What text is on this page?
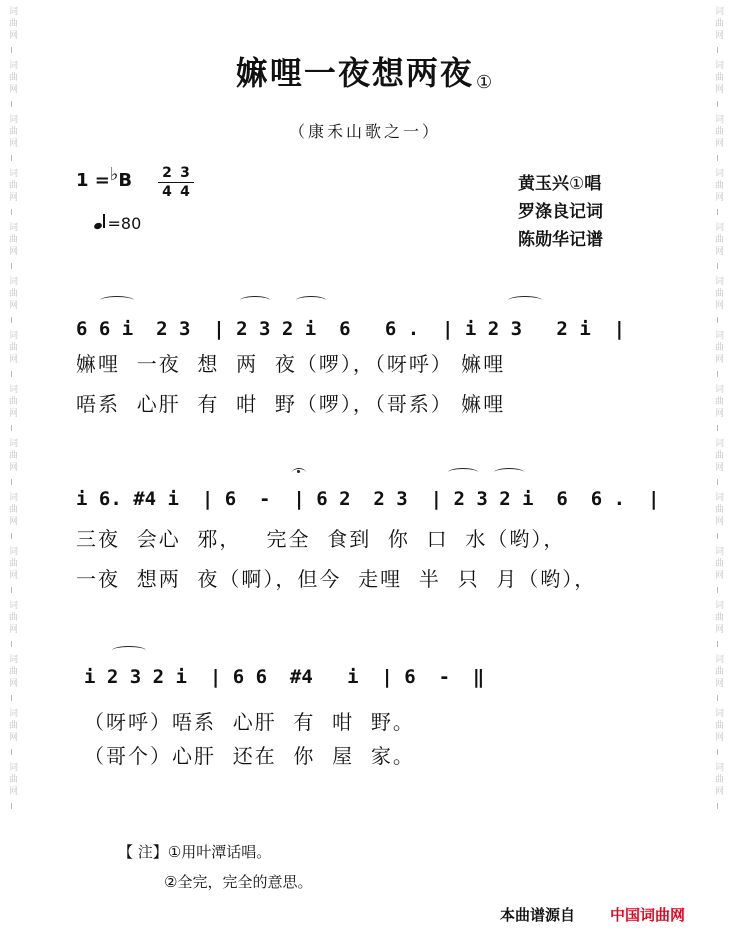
词曲网
词曲网
词曲网
词曲网
词曲网
词曲网
词曲网
词曲网
词曲网
词曲网
词曲网
词曲网
词曲网
词曲网
词曲网
词曲网
词曲网
词曲网
词曲网
词曲网
词曲网
词曲网
词曲网
词曲网
词曲网
词曲网
词曲网
词曲网
词曲网
词曲网
嫲哩一夜想两夜 ①
（康禾山歌之一）
1 =♭B 2
4
3
4
=80
黄玉兴①唱
罗涤良记词
陈勋华记谱
6 6 i  2 3  | 2 3 2 i  6   6 .  | i 2 3   2 i  |
嫲哩  一夜  想  两  夜（啰），（呀呼） 嫲哩
唔系  心肝  有  咁  野（啰），（哥系） 嫲哩
i 6. #4 i  | 6  -  | 6 2  2 3  | 2 3 2 i  6  6 .  |
三夜  会心  邪，   完全  食到  你  口  水（哟），
一夜  想两  夜（啊），但今  走哩  半  只  月（哟），
i 2 3 2 i  | 6 6  #4   i  | 6  -  ‖
（呀呼）唔系  心肝  有  咁  野。
（哥个）心肝  还在  你  屋  家。
【 注】①用叶潭话唱。
②全完，完全的意思。
本曲谱源自 中国词曲网
